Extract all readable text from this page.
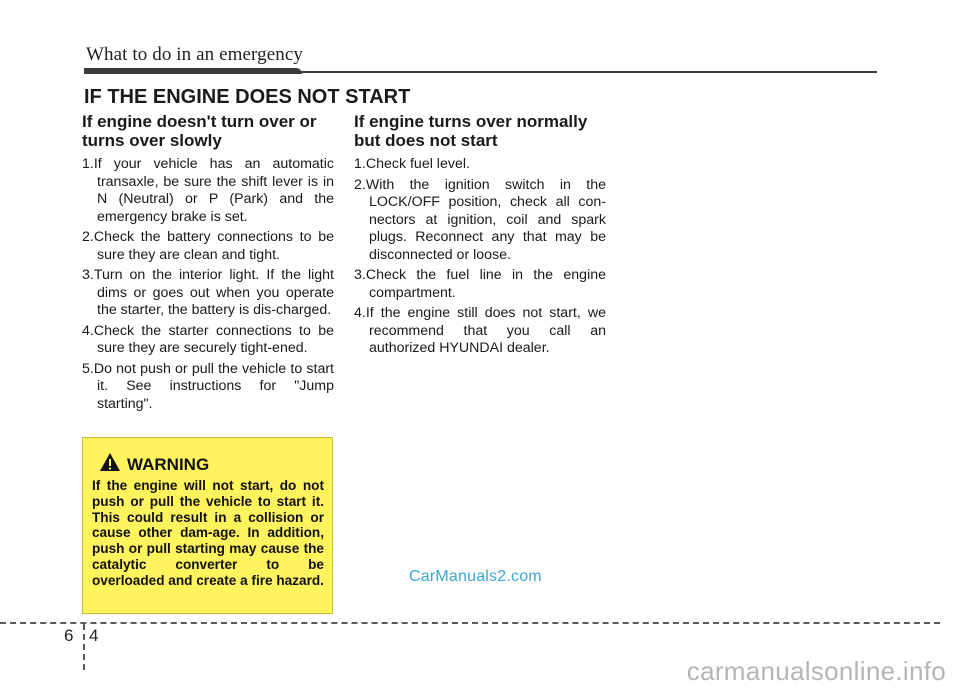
What to do in an emergency
IF THE ENGINE DOES NOT START
If engine doesn't turn over or
turns over slowly
1.If your vehicle has an automatic transaxle, be sure the shift lever is in N (Neutral) or P (Park) and the emergency brake is set.
2.Check the battery connections to be sure they are clean and tight.
3.Turn on the interior light. If the light dims or goes out when you operate the starter, the battery is dis-charged.
4.Check the starter connections to be sure they are securely tight-ened.
5.Do not push or pull the vehicle to start it. See instructions for "Jump starting".
If engine turns over normally
but does not start
1.Check fuel level.
2.With the ignition switch in the LOCK/OFF position, check all con-nectors at ignition, coil and spark plugs. Reconnect any that may be disconnected or loose.
3.Check the fuel line in the engine compartment.
4.If the engine still does not start, we recommend that you call an authorized HYUNDAI dealer.
WARNING
If the engine will not start, do not push or pull the vehicle to start it. This could result in a collision or cause other dam-age. In addition, push or pull starting may cause the catalytic converter to be overloaded and create a fire hazard.	CarManuals2.com
6 4
carmanualsonline.info
